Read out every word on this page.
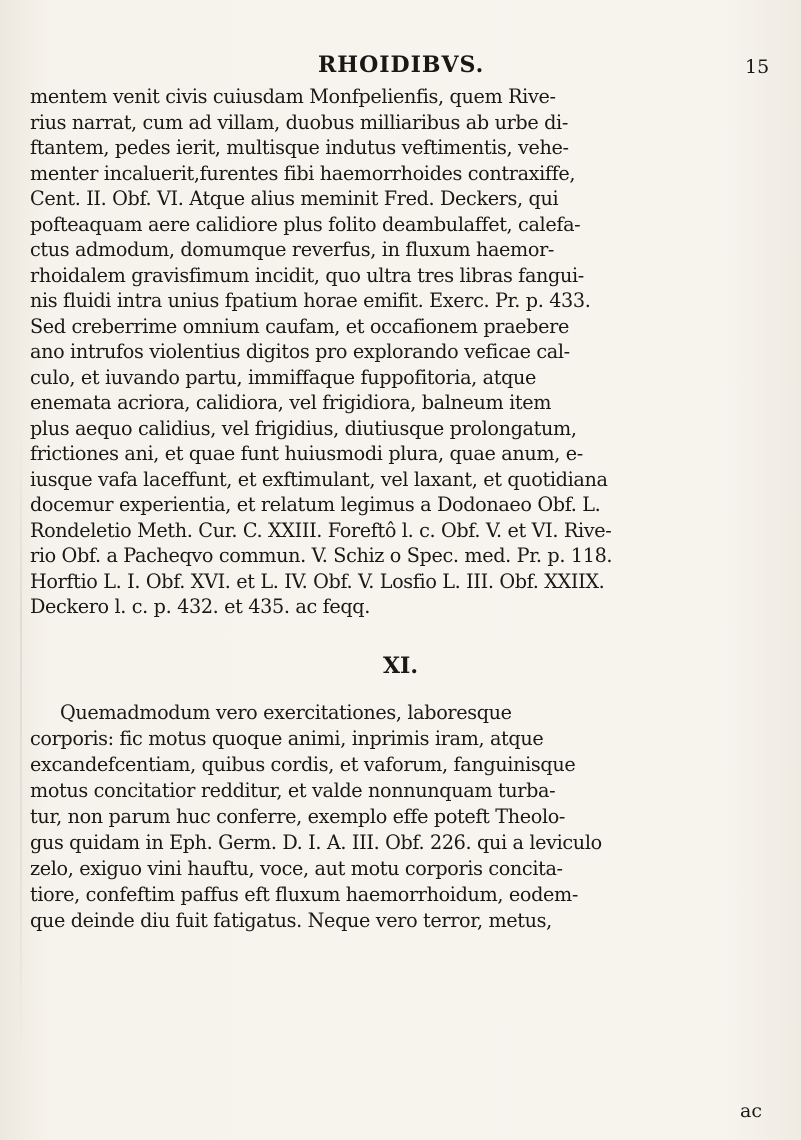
RHOIDIBVS.	15
mentem venit civis cuiusdam Monfpelienfis, quem Rive-
rius narrat, cum ad villam, duobus milliaribus ab urbe di-
ftantem, pedes ierit, multisque indutus veftimentis, vehe-
menter incaluerit,furentes fibi haemorrhoides contraxiffe,
Cent. II. Obf. VI. Atque alius meminit Fred. Deckers, qui
pofteaquam aere calidiore plus folito deambulaffet, calefa-
ctus admodum, domumque reverfus, in fluxum haemor-
rhoidalem gravisfimum incidit, quo ultra tres libras fangui-
nis fluidi intra unius fpatium horae emifit. Exerc. Pr. p. 433.
Sed creberrime omnium caufam, et occafionem praebere
ano intrufos violentius digitos pro explorando veficae cal-
culo, et iuvando partu, immiffaque fuppofitoria, atque
enemata acriora, calidiora, vel frigidiora, balneum item
plus aequo calidius, vel frigidius, diutiusque prolongatum,
frictiones ani, et quae funt huiusmodi plura, quae anum, e-
iusque vafa laceffunt, et exftimulant, vel laxant, et quotidiana
docemur experientia, et relatum legimus a Dodonaeo Obf. L.
Rondeletio Meth. Cur. C. XXIII. Foreftô l. c. Obf. V. et VI. Rive-
rio Obf. a Pacheqvo commun. V. Schiz o Spec. med. Pr. p. 118.
Horftio L. I. Obf. XVI. et L. IV. Obf. V. Losfio L. III. Obf. XXIIX.
Deckero l. c. p. 432. et 435. ac feqq.
XI.
Quemadmodum vero exercitationes, laboresque
corporis: fic motus quoque animi, inprimis iram, atque
excandefcentiam, quibus cordis, et vaforum, fanguinisque
motus concitatior redditur, et valde nonnunquam turba-
tur, non parum huc conferre, exemplo effe poteft Theolo-
gus quidam in Eph. Germ. D. I. A. III. Obf. 226. qui a leviculo
zelo, exiguo vini hauftu, voce, aut motu corporis concita-
tiore, confeftim paffus eft fluxum haemorrhoidum, eodem-
que deinde diu fuit fatigatus. Neque vero terror, metus,
ac
